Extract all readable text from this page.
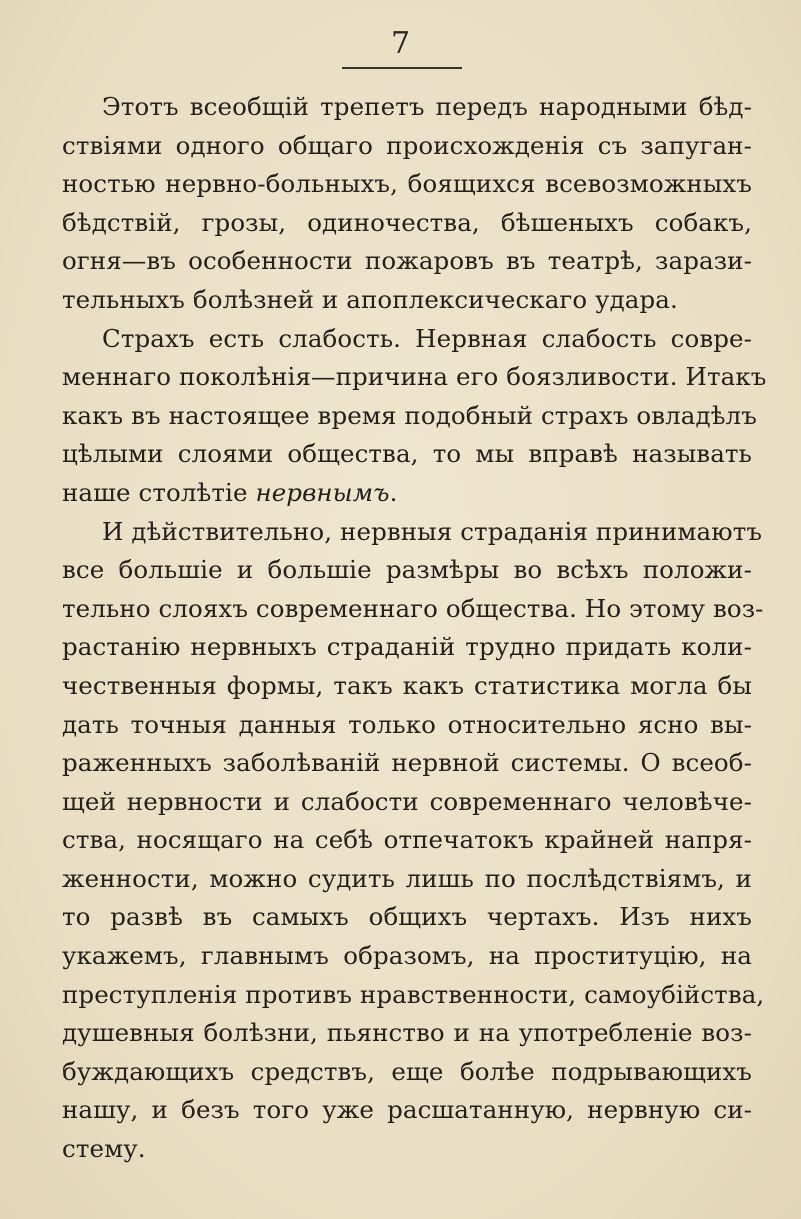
7
Этотъ всеобщій трепетъ передъ народными бѣд-
ствіями одного общаго происхожденія съ запуган-
ностью нервно-больныхъ, боящихся всевозможныхъ
бѣдствій, грозы, одиночества, бѣшеныхъ собакъ,
огня—въ особенности пожаровъ въ театрѣ, зарази-
тельныхъ болѣзней и апоплексическаго удара.
Страхъ есть слабость. Нервная слабость совре-
меннаго поколѣнія—причина его боязливости. Итакъ
какъ въ настоящее время подобный страхъ овладѣлъ
цѣлыми слоями общества, то мы вправѣ называть
наше столѣтіе нервнымъ.
И дѣйствительно, нервныя страданія принимаютъ
все большіе и большіе размѣры во всѣхъ положи-
тельно слояхъ современнаго общества. Но этому воз-
растанію нервныхъ страданій трудно придать коли-
чественныя формы, такъ какъ статистика могла бы
дать точныя данныя только относительно ясно вы-
раженныхъ заболѣваній нервной системы. О всеоб-
щей нервности и слабости современнаго человѣче-
ства, носящаго на себѣ отпечатокъ крайней напря-
женности, можно судить лишь по послѣдствіямъ, и
то развѣ въ самыхъ общихъ чертахъ. Изъ нихъ
укажемъ, главнымъ образомъ, на проституцію, на
преступленія противъ нравственности, самоубійства,
душевныя болѣзни, пьянство и на употребленіе воз-
буждающихъ средствъ, еще болѣе подрывающихъ
нашу, и безъ того уже расшатанную, нервную си-
стему.
